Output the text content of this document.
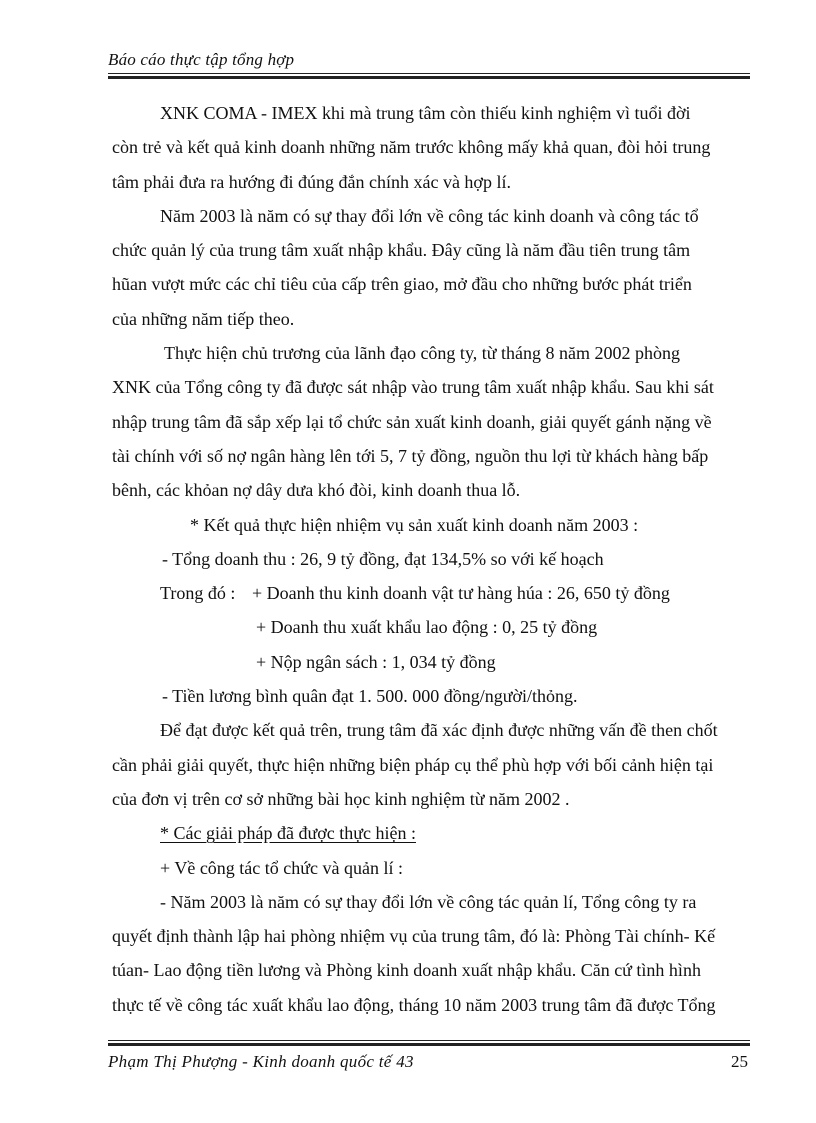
Báo cáo thực tập tổng hợp

XNK COMA - IMEX khi mà trung tâm còn thiếu kinh nghiệm vì tuổi đời

còn trẻ và kết quả kinh doanh những năm trước không mấy khả quan, đòi hỏi trung

tâm phải đưa ra hướng đi đúng đắn chính xác và hợp lí.

Năm 2003 là năm có sự thay đổi lớn về công tác kinh doanh và công tác tổ

chức quản lý của trung tâm xuất nhập khẩu. Đây cũng là năm đầu tiên trung tâm

hũan vượt mức các chỉ tiêu của cấp trên giao, mở đầu cho những bước phát triển

của những năm tiếp theo.

Thực hiện chủ trương của lãnh đạo công ty, từ tháng 8 năm 2002 phòng

XNK của Tổng công ty đã được sát nhập vào trung tâm xuất nhập khẩu. Sau khi sát

nhập trung tâm đã sắp xếp lại tổ chức sản xuất kinh doanh, giải quyết gánh nặng về

tài chính với số nợ ngân hàng lên tới 5, 7 tỷ đồng, nguồn thu lợi từ khách hàng bấp

bênh, các khỏan nợ dây dưa khó đòi, kinh doanh thua lỗ.

* Kết quả thực hiện nhiệm vụ sản xuất kinh doanh năm 2003 :

- Tổng doanh thu : 26, 9 tỷ đồng, đạt 134,5% so với kế hoạch

Trong đó : + Doanh thu kinh doanh vật tư hàng húa : 26, 650 tỷ đồng

+ Doanh thu xuất khẩu lao động : 0, 25 tỷ đồng

+ Nộp ngân sách : 1, 034 tỷ đồng

- Tiền lương bình quân đạt 1. 500. 000 đồng/người/thỏng.

Để đạt được kết quả trên, trung tâm đã xác định được những vấn đề then chốt

cần phải giải quyết, thực hiện những biện pháp cụ thể phù hợp với bối cảnh hiện tại

của đơn vị trên cơ sở những bài học kinh nghiệm từ năm 2002 .

* Các giải pháp đã được thực hiện :

+ Về công tác tổ chức và quản lí :

- Năm 2003 là năm có sự thay đổi lớn về công tác quản lí, Tổng công ty ra

quyết định thành lập hai phòng nhiệm vụ của trung tâm, đó là: Phòng Tài chính- Kế

túan- Lao động tiền lương và Phòng kinh doanh xuất nhập khẩu. Căn cứ tình hình

thực tế về công tác xuất khẩu lao động, tháng 10 năm 2003 trung tâm đã được Tổng

Phạm Thị Phượng - Kinh doanh quốc tế 43	25
